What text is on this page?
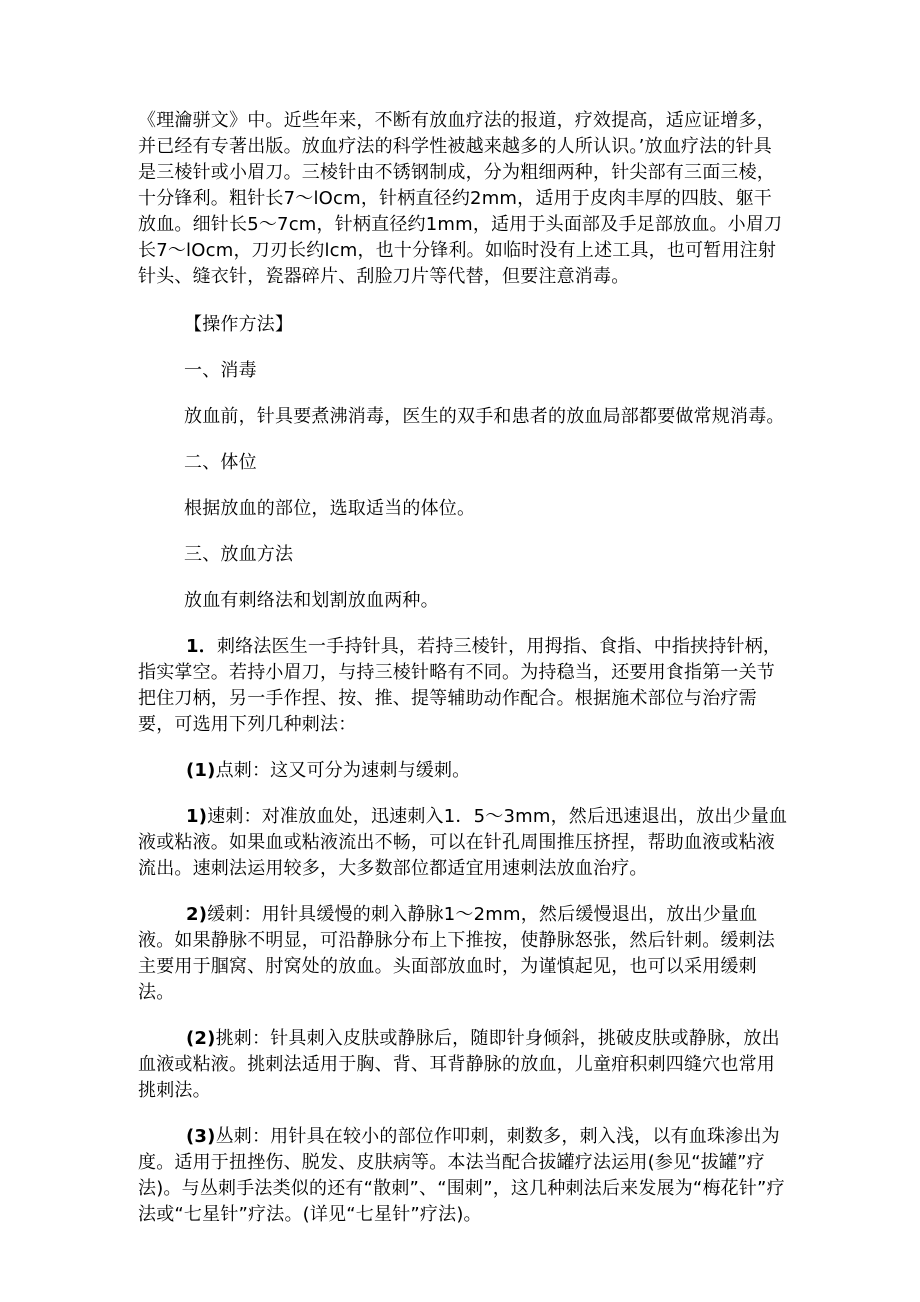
《理瀹骈文》中。近些年来，不断有放血疗法的报道，疗效提高，适应证增多，并已经有专著出版。放血疗法的科学性被越来越多的人所认识。’放血疗法的针具是三棱针或小眉刀。三棱针由不锈钢制成，分为粗细两种，针尖部有三面三棱，十分锋利。粗针长7～lOcm，针柄直径约2mm，适用于皮肉丰厚的四肢、躯干放血。细针长5～7cm，针柄直径约1mm，适用于头面部及手足部放血。小眉刀长7～lOcm，刀刃长约lcm，也十分锋利。如临时没有上述工具，也可暂用注射针头、缝衣针，瓷器碎片、刮脸刀片等代替，但要注意消毒。

【操作方法】

一、消毒

放血前，针具要煮沸消毒，医生的双手和患者的放血局部都要做常规消毒。

二、体位

根据放血的部位，选取适当的体位。

三、放血方法

放血有刺络法和划割放血两种。

1．刺络法医生一手持针具，若持三棱针，用拇指、食指、中指挟持针柄，指实掌空。若持小眉刀，与持三棱针略有不同。为持稳当，还要用食指第一关节把住刀柄，另一手作捏、按、推、提等辅助动作配合。根据施术部位与治疗需要，可选用下列几种刺法：

(1)点刺：这又可分为速刺与缓刺。

1)速刺：对准放血处，迅速刺入1．5～3mm，然后迅速退出，放出少量血液或粘液。如果血或粘液流出不畅，可以在针孔周围推压挤捏，帮助血液或粘液流出。速刺法运用较多，大多数部位都适宜用速刺法放血治疗。

2)缓刺：用针具缓慢的刺入静脉1～2mm，然后缓慢退出，放出少量血液。如果静脉不明显，可沿静脉分布上下推按，使静脉怒张，然后针刺。缓刺法主要用于腘窝、肘窝处的放血。头面部放血时，为谨慎起见，也可以采用缓刺法。

(2)挑刺：针具刺入皮肤或静脉后，随即针身倾斜，挑破皮肤或静脉，放出血液或粘液。挑刺法适用于胸、背、耳背静脉的放血，儿童疳积刺四缝穴也常用挑刺法。

(3)丛刺：用针具在较小的部位作叩刺，刺数多，刺入浅，以有血珠渗出为度。适用于扭挫伤、脱发、皮肤病等。本法当配合拔罐疗法运用(参见“拔罐”疗法)。与丛刺手法类似的还有“散刺”、“围刺”，这几种刺法后来发展为“梅花针”疗法或“七星针”疗法。(详见“七星针”疗法)。
